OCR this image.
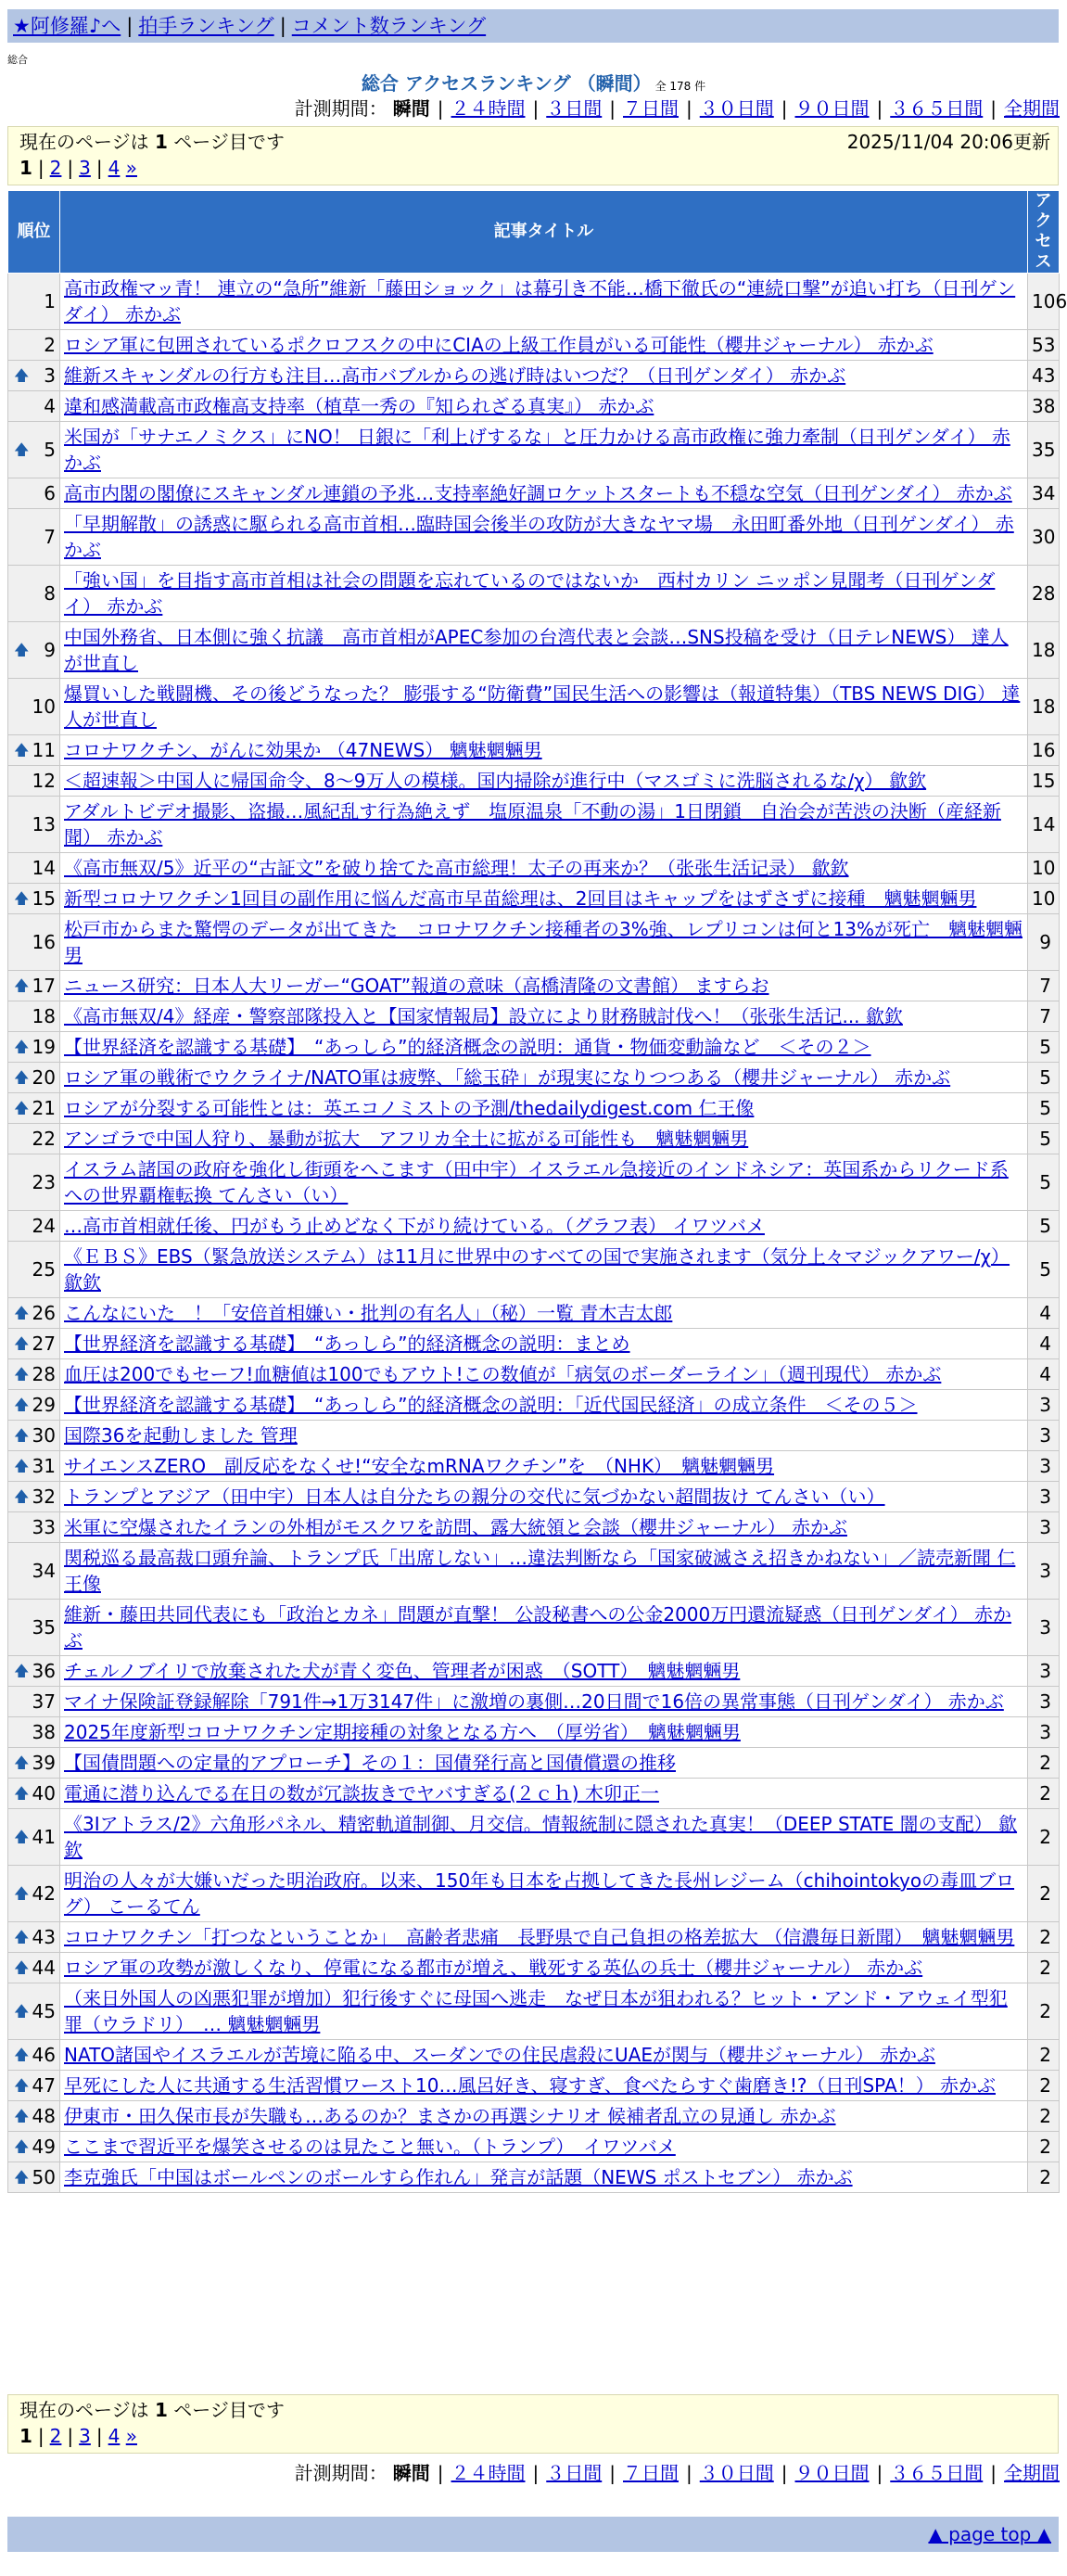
★阿修羅♪へ | 拍手ランキング | コメント数ランキング
総合
総合 アクセスランキング （瞬間） 全 178 件
計測期間： 瞬間 | ２４時間 | ３日間 | ７日間 | ３０日間 | ９０日間 | ３６５日間 | 全期間
現在のページは 1 ページ目です	2025/11/04 20:06更新
1 | 2 | 3 | 4 »
順位	記事タイトル	アクセス
1	高市政権マッ青！ 連立の“急所”維新「藤田ショック」は幕引き不能…橋下徹氏の“連続口撃”が追い打ち（日刊ゲンダイ） 赤かぶ	106
2	ロシア軍に包囲されているポクロフスクの中にCIAの上級工作員がいる可能性（櫻井ジャーナル） 赤かぶ	53

🡅 3	維新スキャンダルの行方も注目…高市バブルからの逃げ時はいつだ？（日刊ゲンダイ） 赤かぶ	43
4	違和感満載高市政権高支持率（植草一秀の『知られざる真実』） 赤かぶ	38

🡅 5	米国が「サナエノミクス」にNO！ 日銀に「利上げするな」と圧力かける高市政権に強力牽制（日刊ゲンダイ） 赤かぶ	35
6	高市内閣の閣僚にスキャンダル連鎖の予兆…支持率絶好調ロケットスタートも不穏な空気（日刊ゲンダイ） 赤かぶ	34
7	「早期解散」の誘惑に駆られる高市首相…臨時国会後半の攻防が大きなヤマ場　永田町番外地（日刊ゲンダイ） 赤かぶ	30
8	「強い国」を目指す高市首相は社会の問題を忘れているのではないか　西村カリン ニッポン見聞考（日刊ゲンダイ） 赤かぶ	28

🡅 9	中国外務省、日本側に強く抗議　高市首相がAPEC参加の台湾代表と会談…SNS投稿を受け（日テレNEWS） 達人が世直し	18
10	爆買いした戦闘機、その後どうなった？ 膨張する“防衛費”国民生活への影響は（報道特集）（TBS NEWS DIG） 達人が世直し	18

🡅 11	コロナワクチン、がんに効果か （47NEWS） 魑魅魍魎男	16
12	＜超速報＞中国人に帰国命令、8～9万人の模様。国内掃除が進行中（マスゴミに洗脳されるな/χ） 歙欽	15
13	アダルトビデオ撮影、盗撮…風紀乱す行為絶えず　塩原温泉「不動の湯」1日閉鎖　自治会が苦渋の決断（産経新聞） 赤かぶ	14
14	《高市無双/5》近平の“古証文”を破り捨てた高市総理！太子の再来か？（张张生活记录） 歙欽	10

🡅 15	新型コロナワクチン1回目の副作用に悩んだ高市早苗総理は、2回目はキャップをはずさずに接種　魑魅魍魎男	10
16	松戸市からまた驚愕のデータが出てきた　コロナワクチン接種者の3%強、レプリコンは何と13%が死亡　魑魅魍魎男	9

🡅 17	ニュース研究：日本人大リーガー“GOAT”報道の意味（高橋清隆の文書館） ますらお	7
18	《高市無双/4》経産・警察部隊投入と【国家情報局】設立により財務賊討伐へ！（张张生活记... 歙欽	7

🡅 19	【世界経済を認識する基礎】　“あっしら”的経済概念の説明：通貨・物価変動論など　＜その２＞	5

🡅 20	ロシア軍の戦術でウクライナ/NATO軍は疲弊、「総玉砕」が現実になりつつある（櫻井ジャーナル） 赤かぶ	5

🡅 21	ロシアが分裂する可能性とは：英エコノミストの予測/thedailydigest.com 仁王像	5
22	アンゴラで中国人狩り、暴動が拡大　アフリカ全土に拡がる可能性も　魑魅魍魎男	5
23	イスラム諸国の政府を強化し街頭をへこます（田中宇）イスラエル急接近のインドネシア：英国系からリクード系への世界覇権転換 てんさい（い）	5
24	…高市首相就任後、円がもう止めどなく下がり続けている。（グラフ表） イワツバメ	5
25	《ＥＢＳ》EBS（緊急放送システム）は11月に世界中のすべての国で実施されます（気分上々マジックアワー/χ） 歙欽	5

🡅 26	こんなにいた　！「安倍首相嫌い・批判の有名人」（秘）一覧 青木吉太郎	4

🡅 27	【世界経済を認識する基礎】　“あっしら”的経済概念の説明：まとめ	4

🡅 28	血圧は200でもセーフ!血糖値は100でもアウト!この数値が「病気のボーダーライン」（週刊現代） 赤かぶ	4

🡅 29	【世界経済を認識する基礎】　“あっしら”的経済概念の説明：「近代国民経済」の成立条件　＜その５＞	3

🡅 30	国際36を起動しました 管理	3

🡅 31	サイエンスZERO　副反応をなくせ!“安全なmRNAワクチン”を　（NHK）　魑魅魍魎男	3

🡅 32	トランプとアジア（田中宇）日本人は自分たちの親分の交代に気づかない超間抜け てんさい（い）	3
33	米軍に空爆されたイランの外相がモスクワを訪問、露大統領と会談（櫻井ジャーナル） 赤かぶ	3
34	関税巡る最高裁口頭弁論、トランプ氏「出席しない」…違法判断なら「国家破滅さえ招きかねない」／読売新聞 仁王像	3
35	維新・藤田共同代表にも「政治とカネ」問題が直撃！ 公設秘書への公金2000万円還流疑惑（日刊ゲンダイ） 赤かぶ	3

🡅 36	チェルノブイリで放棄された犬が青く変色、管理者が困惑　（SOTT）　魑魅魍魎男	3
37	マイナ保険証登録解除「791件→1万3147件」に激増の裏側…20日間で16倍の異常事態（日刊ゲンダイ） 赤かぶ	3
38	2025年度新型コロナワクチン定期接種の対象となる方へ　（厚労省）　魑魅魍魎男	3

🡅 39	【国債問題への定量的アプローチ】その１：国債発行高と国債償還の推移	2

🡅 40	電通に潜り込んでる在日の数が冗談抜きでヤバすぎる(２ｃｈ) 木卯正一	2

🡅 41	《3Iアトラス/2》六角形パネル、精密軌道制御、月交信。情報統制に隠された真実！（DEEP STATE 闇の支配） 歙欽	2

🡅 42	明治の人々が大嫌いだった明治政府。以来、150年も日本を占拠してきた長州レジーム（chihointokyoの毒皿ブログ） こーるてん	2

🡅 43	コロナワクチン「打つなということか」　高齢者悲痛　長野県で自己負担の格差拡大 （信濃毎日新聞）　魑魅魍魎男	2

🡅 44	ロシア軍の攻勢が激しくなり、停電になる都市が増え、戦死する英仏の兵士（櫻井ジャーナル） 赤かぶ	2

🡅 45	（来日外国人の凶悪犯罪が増加）犯行後すぐに母国へ逃走　なぜ日本が狙われる？ヒット・アンド・アウェイ型犯罪（ウラドリ）　… 魑魅魍魎男	2

🡅 46	NATO諸国やイスラエルが苦境に陥る中、スーダンでの住民虐殺にUAEが関与（櫻井ジャーナル） 赤かぶ	2

🡅 47	早死にした人に共通する生活習慣ワースト10…風呂好き、寝すぎ、食べたらすぐ歯磨き!?（日刊SPA！） 赤かぶ	2

🡅 48	伊東市・田久保市長が失職も…あるのか？まさかの再選シナリオ 候補者乱立の見通し 赤かぶ	2

🡅 49	ここまで習近平を爆笑させるのは見たこと無い。（トランプ）　イワツバメ	2

🡅 50	李克強氏「中国はボールペンのボールすら作れん」発言が話題（NEWS ポストセブン） 赤かぶ	2
現在のページは 1 ページ目です
1 | 2 | 3 | 4 »
計測期間： 瞬間 | ２４時間 | ３日間 | ７日間 | ３０日間 | ９０日間 | ３６５日間 | 全期間
▲ page top ▲
